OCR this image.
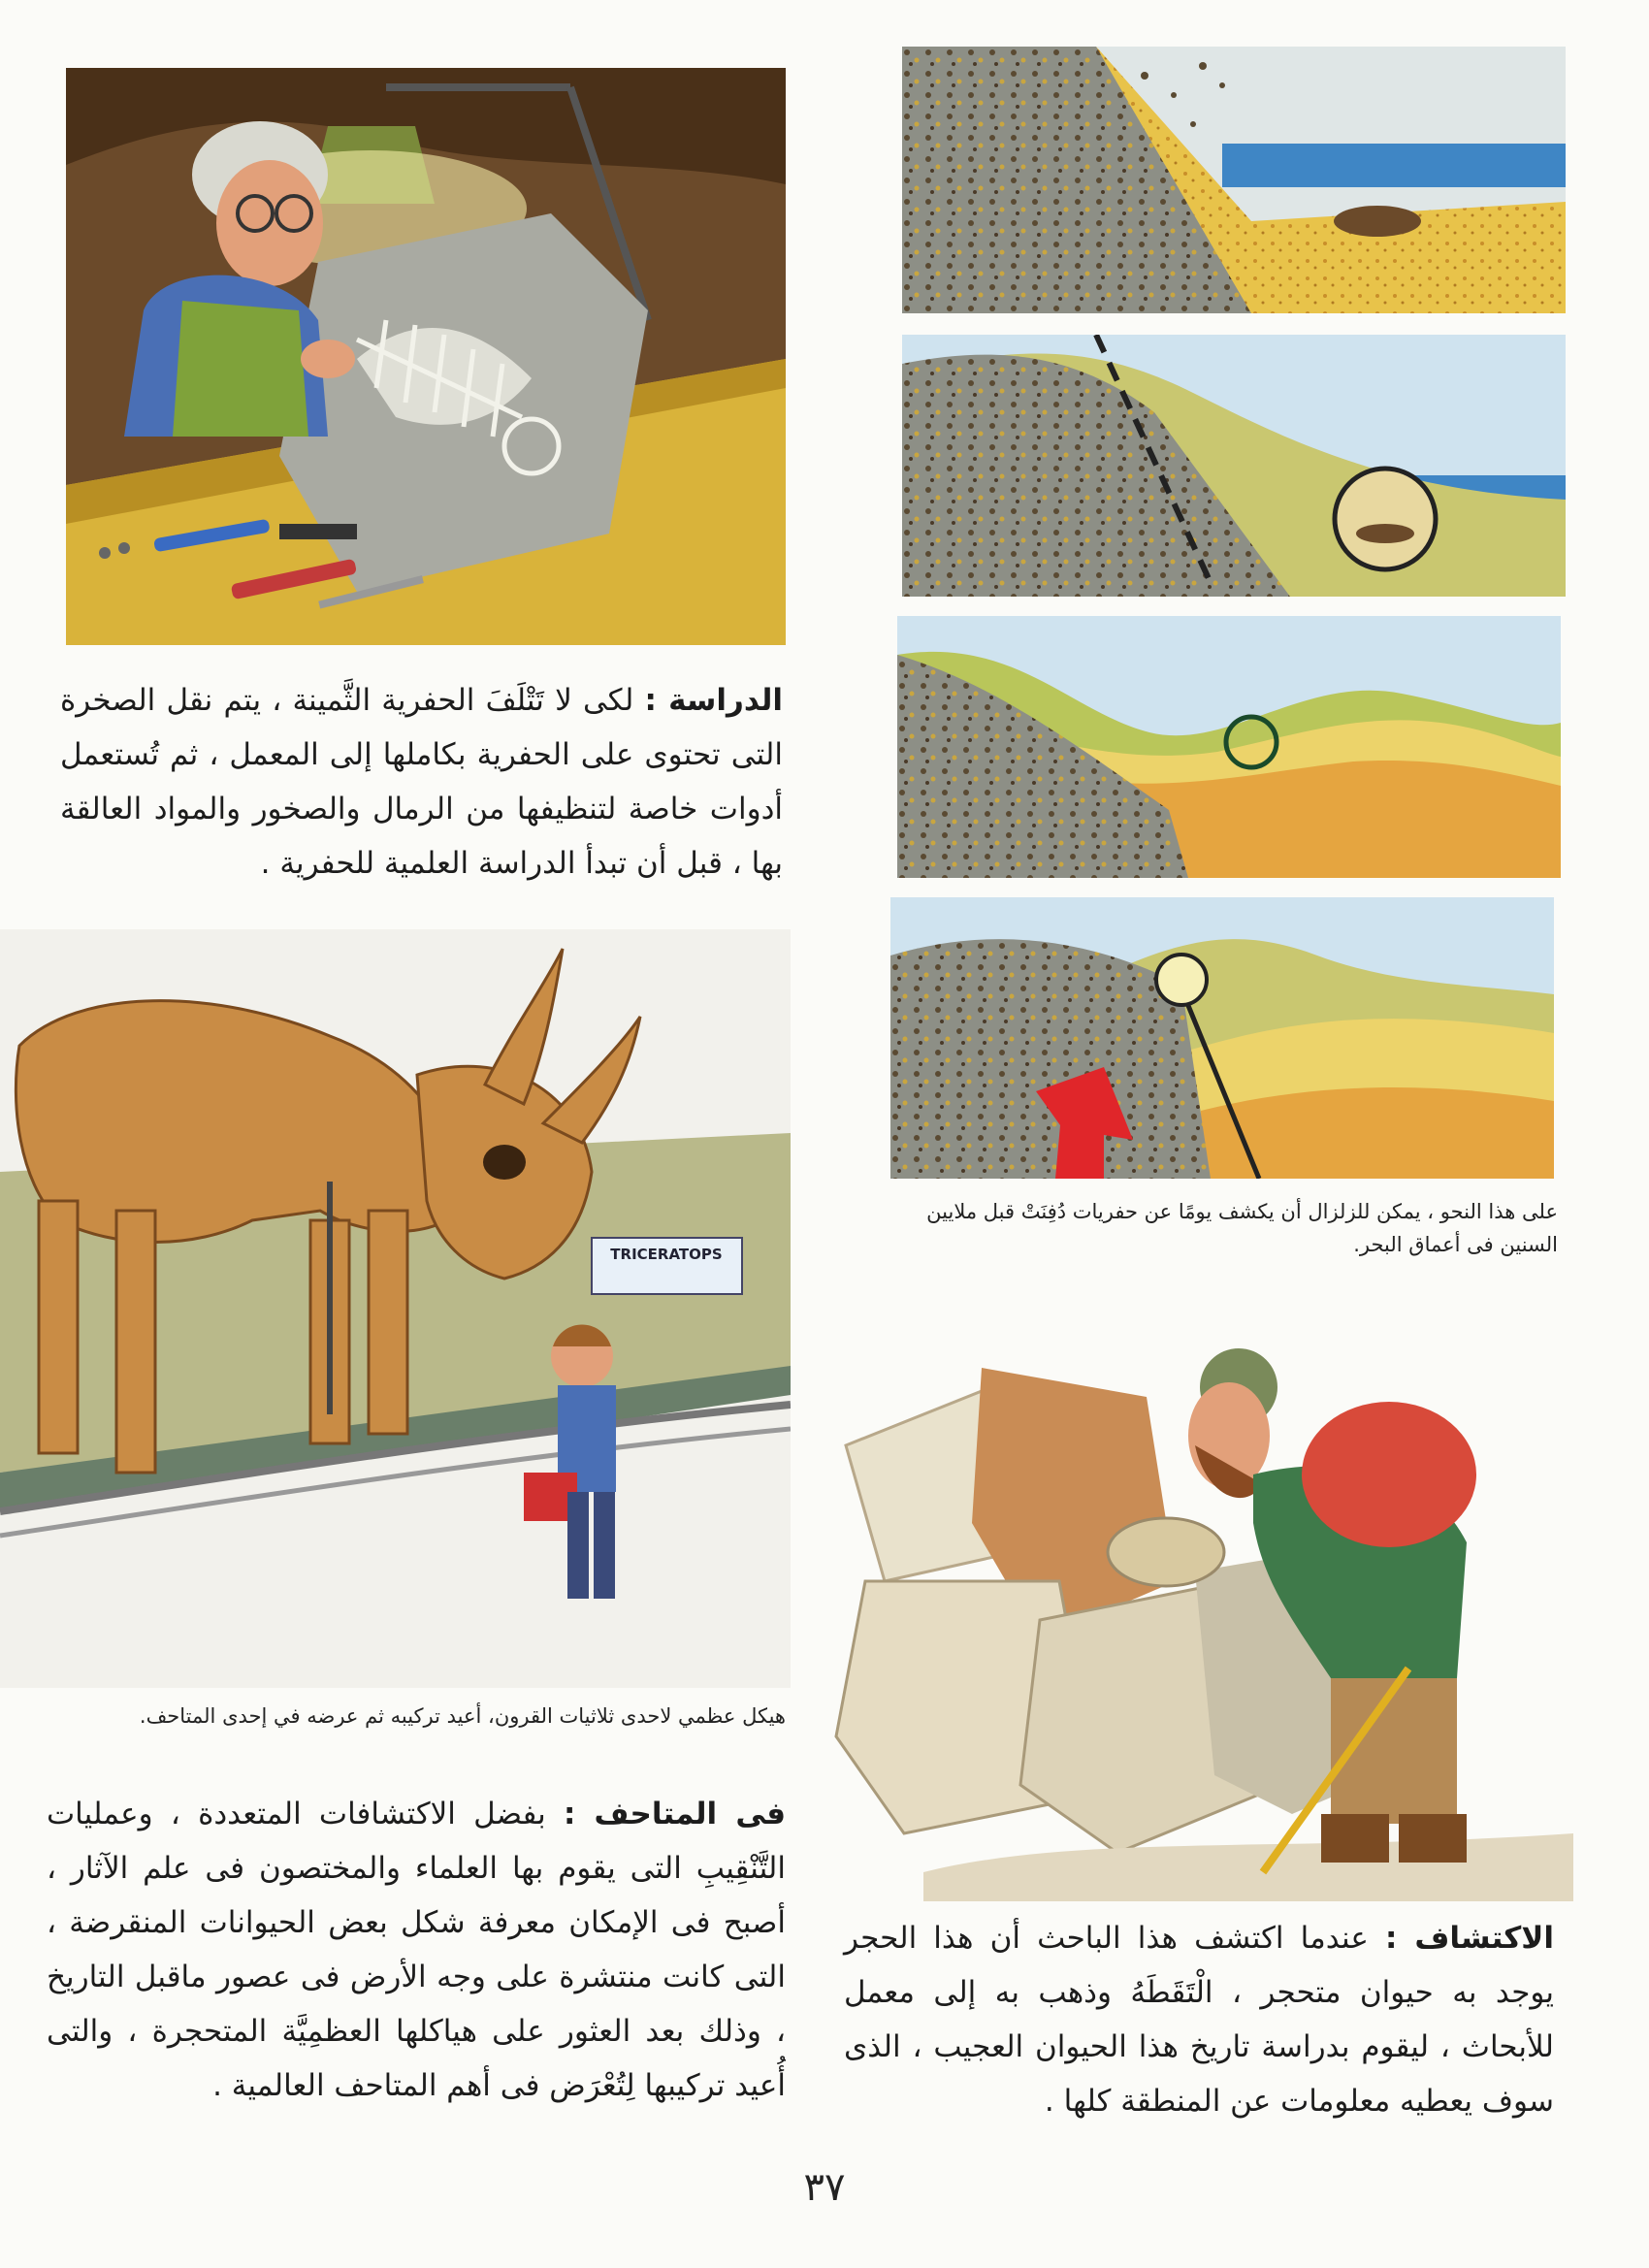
الدراسة : لكى لا تَتْلَفَ الحفرية الثَّمينة ، يتم نقل الصخرة التى تحتوى على الحفرية بكاملها إلى المعمل ، ثم تُستعمل أدوات خاصة لتنظيفها من الرمال والصخور والمواد العالقة بها ، قبل أن تبدأ الدراسة العلمية للحفرية .
على هذا النحو ، يمكن للزلزال أن يكشف يومًا عن حفريات دُفِنَتْ قبل ملايين السنين فى أعماق البحر.
TRICERATOPS
هيكل عظمي لاحدى ثلاثيات القرون، أعيد تركيبه ثم عرضه في إحدى المتاحف.
فى المتاحف : بفضل الاكتشافات المتعددة ، وعمليات التَّنْقِيبِ التى يقوم بها العلماء والمختصون فى علم الآثار ، أصبح فى الإمكان معرفة شكل بعض الحيوانات المنقرضة ، التى كانت منتشرة على وجه الأرض فى عصور ماقبل التاريخ ، وذلك بعد العثور على هياكلها العظمِيَّة المتحجرة ، والتى أُعيد تركيبها لِتُعْرَض فى أهم المتاحف العالمية .
الاكتشاف : عندما اكتشف هذا الباحث أن هذا الحجر يوجد به حيوان متحجر ، الْتَقَطَهُ وذهب به إلى معمل للأبحاث ، ليقوم بدراسة تاريخ هذا الحيوان العجيب ، الذى سوف يعطيه معلومات عن المنطقة كلها .
٣٧
